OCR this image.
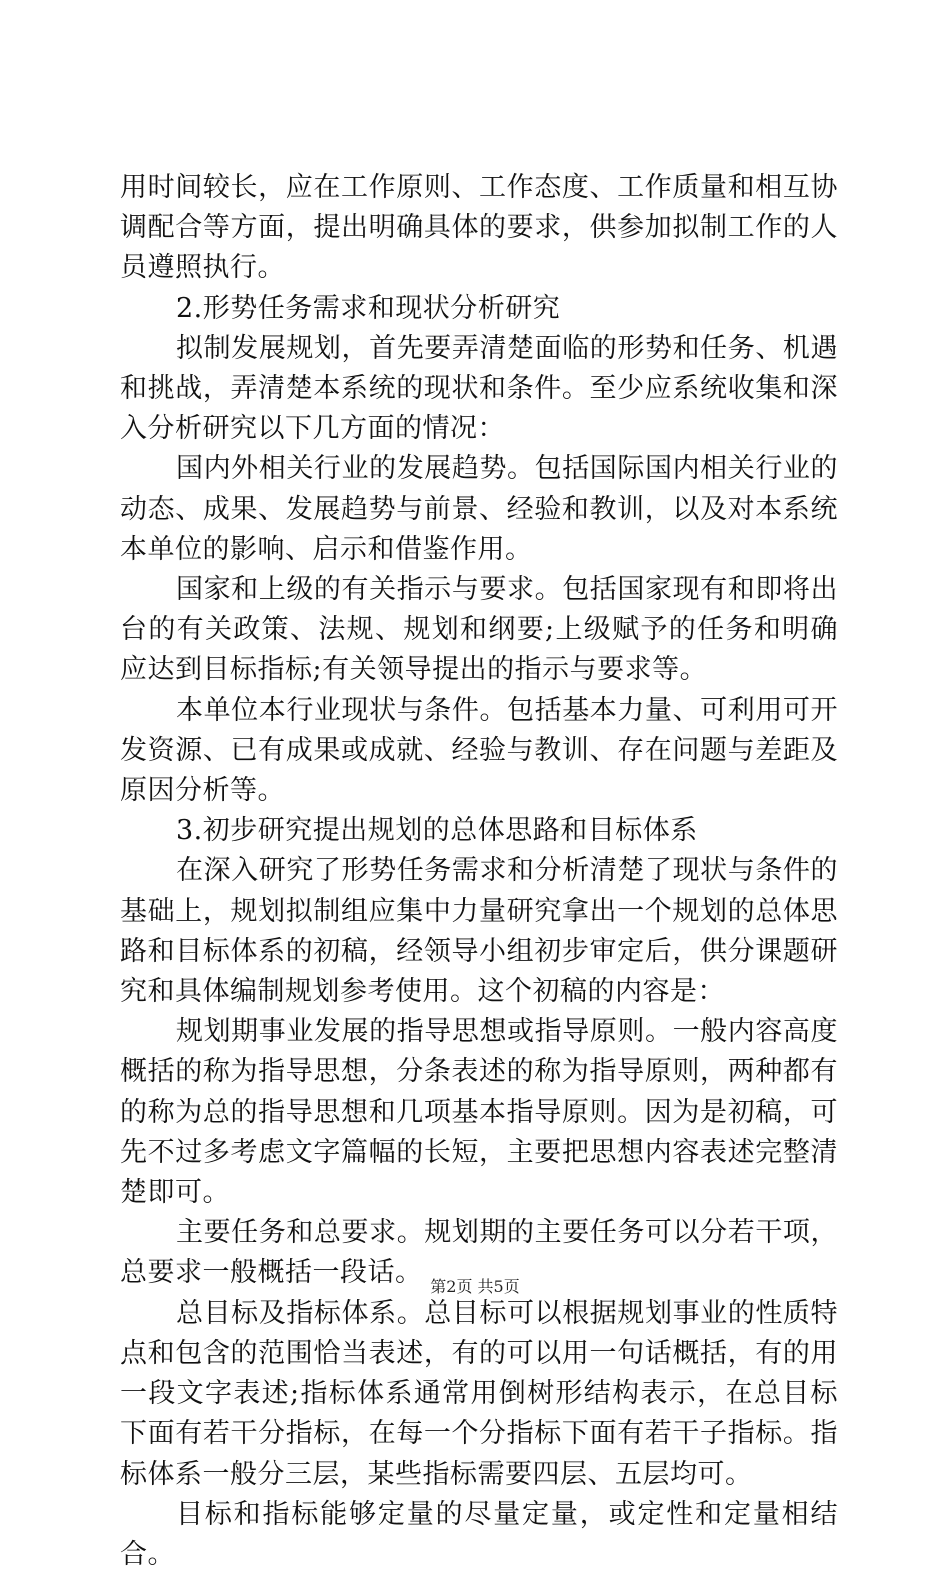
用时间较长，应在工作原则、工作态度、工作质量和相互协调配合等方面，提出明确具体的要求，供参加拟制工作的人员遵照执行。

2.形势任务需求和现状分析研究

拟制发展规划，首先要弄清楚面临的形势和任务、机遇和挑战，弄清楚本系统的现状和条件。至少应系统收集和深入分析研究以下几方面的情况：

国内外相关行业的发展趋势。包括国际国内相关行业的动态、成果、发展趋势与前景、经验和教训，以及对本系统本单位的影响、启示和借鉴作用。

国家和上级的有关指示与要求。包括国家现有和即将出台的有关政策、法规、规划和纲要;上级赋予的任务和明确应达到目标指标;有关领导提出的指示与要求等。

本单位本行业现状与条件。包括基本力量、可利用可开发资源、已有成果或成就、经验与教训、存在问题与差距及原因分析等。

3.初步研究提出规划的总体思路和目标体系

在深入研究了形势任务需求和分析清楚了现状与条件的基础上，规划拟制组应集中力量研究拿出一个规划的总体思路和目标体系的初稿，经领导小组初步审定后，供分课题研究和具体编制规划参考使用。这个初稿的内容是：

规划期事业发展的指导思想或指导原则。一般内容高度概括的称为指导思想，分条表述的称为指导原则，两种都有的称为总的指导思想和几项基本指导原则。因为是初稿，可先不过多考虑文字篇幅的长短，主要把思想内容表述完整清楚即可。

主要任务和总要求。规划期的主要任务可以分若干项，总要求一般概括一段话。

总目标及指标体系。总目标可以根据规划事业的性质特点和包含的范围恰当表述，有的可以用一句话概括，有的用一段文字表述;指标体系通常用倒树形结构表示，在总目标下面有若干分指标，在每一个分指标下面有若干子指标。指标体系一般分三层，某些指标需要四层、五层均可。

目标和指标能够定量的尽量定量，或定性和定量相结合。

第2页 共5页
